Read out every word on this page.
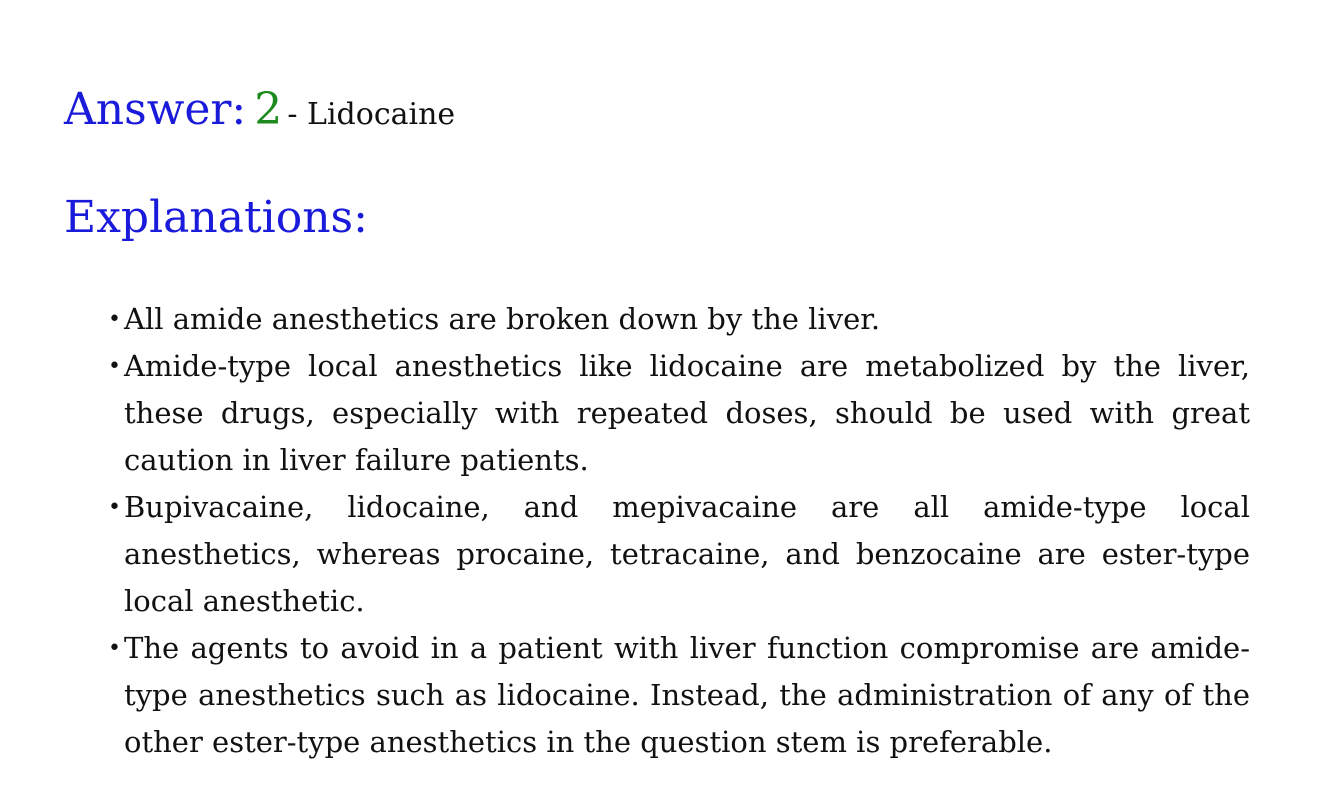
Answer: 2 - Lidocaine

Explanations:
• All amide anesthetics are broken down by the liver.
• Amide-type local anesthetics like lidocaine are metabolized by the liver, these drugs, especially with repeated doses, should be used with great caution in liver failure patients.
• Bupivacaine, lidocaine, and mepivacaine are all amide-type local anesthetics, whereas procaine, tetracaine, and benzocaine are ester-type local anesthetic.
• The agents to avoid in a patient with liver function compromise are amide-type anesthetics such as lidocaine. Instead, the administration of any of the other ester-type anesthetics in the question stem is preferable.
